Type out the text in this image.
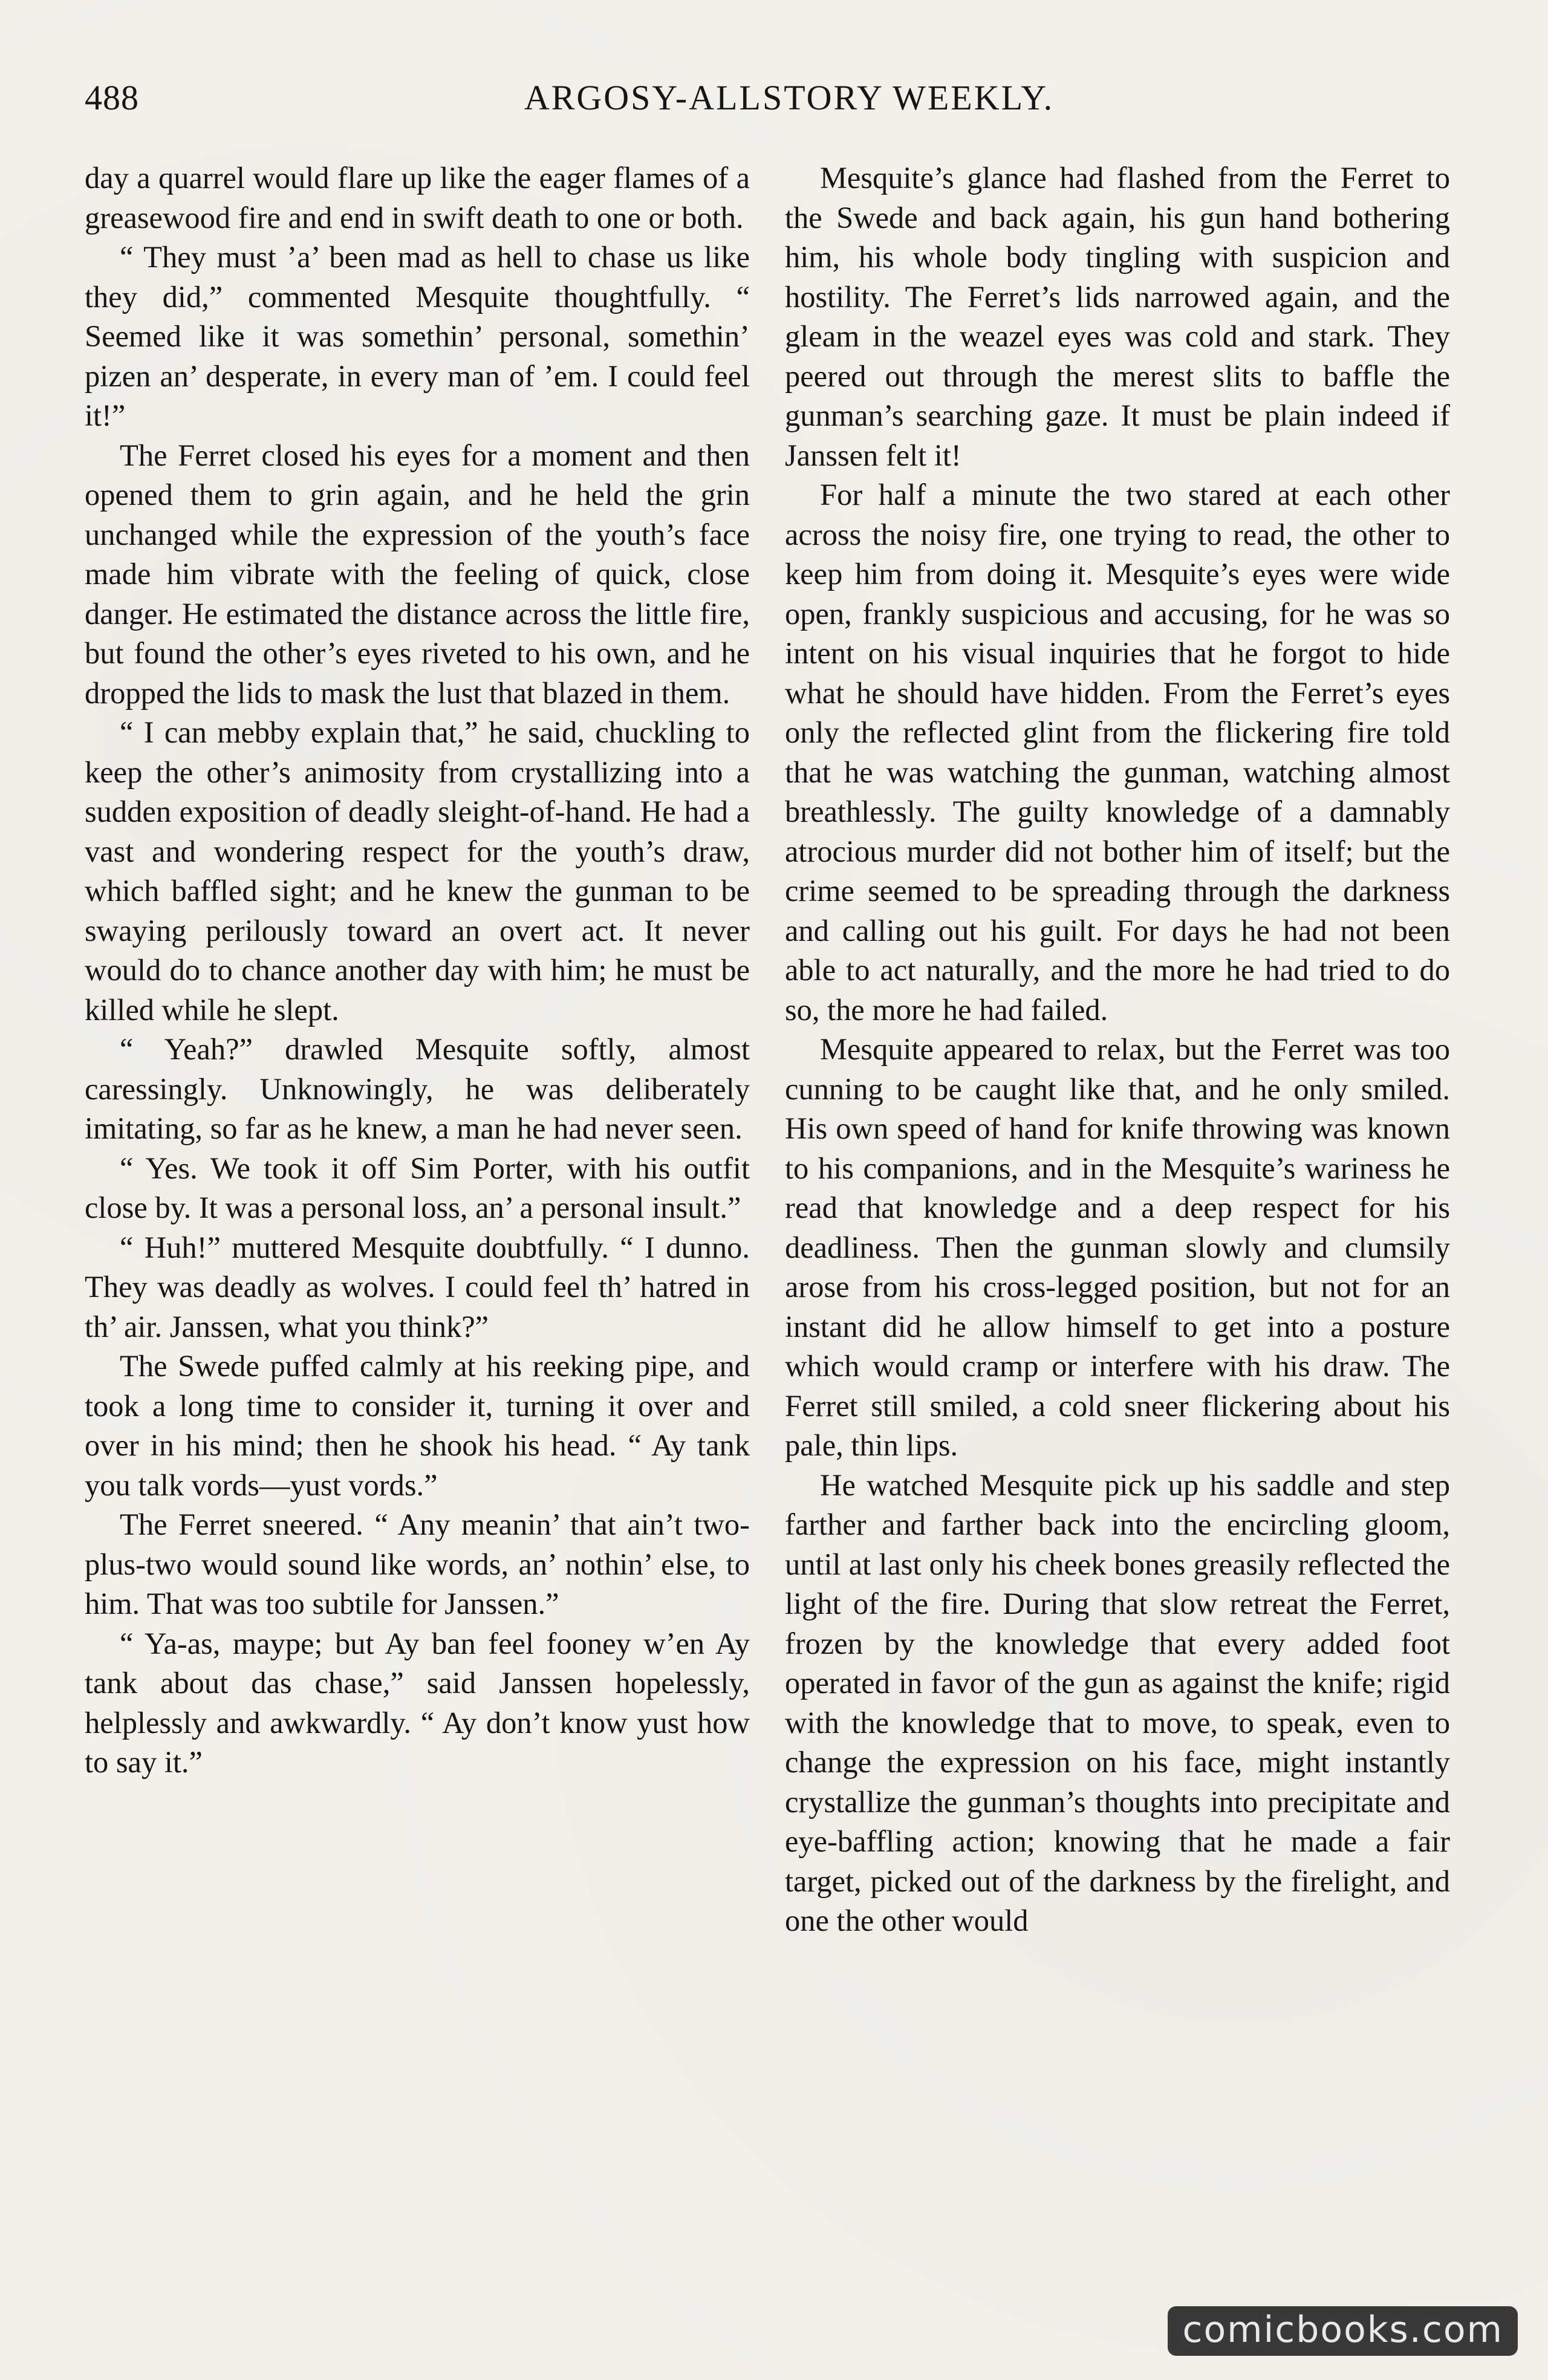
488	ARGOSY-ALLSTORY WEEKLY.

day a quarrel would flare up like the eager flames of a greasewood fire and end in swift death to one or both.

“ They must ’a’ been mad as hell to chase us like they did,” commented Mesquite thoughtfully. “ Seemed like it was somethin’ personal, somethin’ pizen an’ desperate, in every man of ’em. I could feel it!”

The Ferret closed his eyes for a moment and then opened them to grin again, and he held the grin unchanged while the expression of the youth’s face made him vibrate with the feeling of quick, close danger. He estimated the distance across the little fire, but found the other’s eyes riveted to his own, and he dropped the lids to mask the lust that blazed in them.

“ I can mebby explain that,” he said, chuckling to keep the other’s animosity from crystallizing into a sudden exposition of deadly sleight-of-hand. He had a vast and wondering respect for the youth’s draw, which baffled sight; and he knew the gunman to be swaying perilously toward an overt act. It never would do to chance another day with him; he must be killed while he slept.

“ Yeah?” drawled Mesquite softly, almost caressingly. Unknowingly, he was deliberately imitating, so far as he knew, a man he had never seen.

“ Yes. We took it off Sim Porter, with his outfit close by. It was a personal loss, an’ a personal insult.”

“ Huh!” muttered Mesquite doubtfully. “ I dunno. They was deadly as wolves. I could feel th’ hatred in th’ air. Janssen, what you think?”

The Swede puffed calmly at his reeking pipe, and took a long time to consider it, turning it over and over in his mind; then he shook his head. “ Ay tank you talk vords—yust vords.”

The Ferret sneered. “ Any meanin’ that ain’t two-plus-two would sound like words, an’ nothin’ else, to him. That was too subtile for Janssen.”

“ Ya-as, maype; but Ay ban feel fooney w’en Ay tank about das chase,” said Janssen hopelessly, helplessly and awkwardly. “ Ay don’t know yust how to say it.”

Mesquite’s glance had flashed from the Ferret to the Swede and back again, his gun hand bothering him, his whole body tingling with suspicion and hostility. The Ferret’s lids narrowed again, and the gleam in the weazel eyes was cold and stark. They peered out through the merest slits to baffle the gunman’s searching gaze. It must be plain indeed if Janssen felt it!

For half a minute the two stared at each other across the noisy fire, one trying to read, the other to keep him from doing it. Mesquite’s eyes were wide open, frankly suspicious and accusing, for he was so intent on his visual inquiries that he forgot to hide what he should have hidden. From the Ferret’s eyes only the reflected glint from the flickering fire told that he was watching the gunman, watching almost breathlessly. The guilty knowledge of a damnably atrocious murder did not bother him of itself; but the crime seemed to be spreading through the darkness and calling out his guilt. For days he had not been able to act naturally, and the more he had tried to do so, the more he had failed.

Mesquite appeared to relax, but the Ferret was too cunning to be caught like that, and he only smiled. His own speed of hand for knife throwing was known to his companions, and in the Mesquite’s wariness he read that knowledge and a deep respect for his deadliness. Then the gunman slowly and clumsily arose from his cross-legged position, but not for an instant did he allow himself to get into a posture which would cramp or interfere with his draw. The Ferret still smiled, a cold sneer flickering about his pale, thin lips.

He watched Mesquite pick up his saddle and step farther and farther back into the encircling gloom, until at last only his cheek bones greasily reflected the light of the fire. During that slow retreat the Ferret, frozen by the knowledge that every added foot operated in favor of the gun as against the knife; rigid with the knowledge that to move, to speak, even to change the expression on his face, might instantly crystallize the gunman’s thoughts into precipitate and eye-baffling action; knowing that he made a fair target, picked out of the darkness by the firelight, and one the other would

comicbooks.com
